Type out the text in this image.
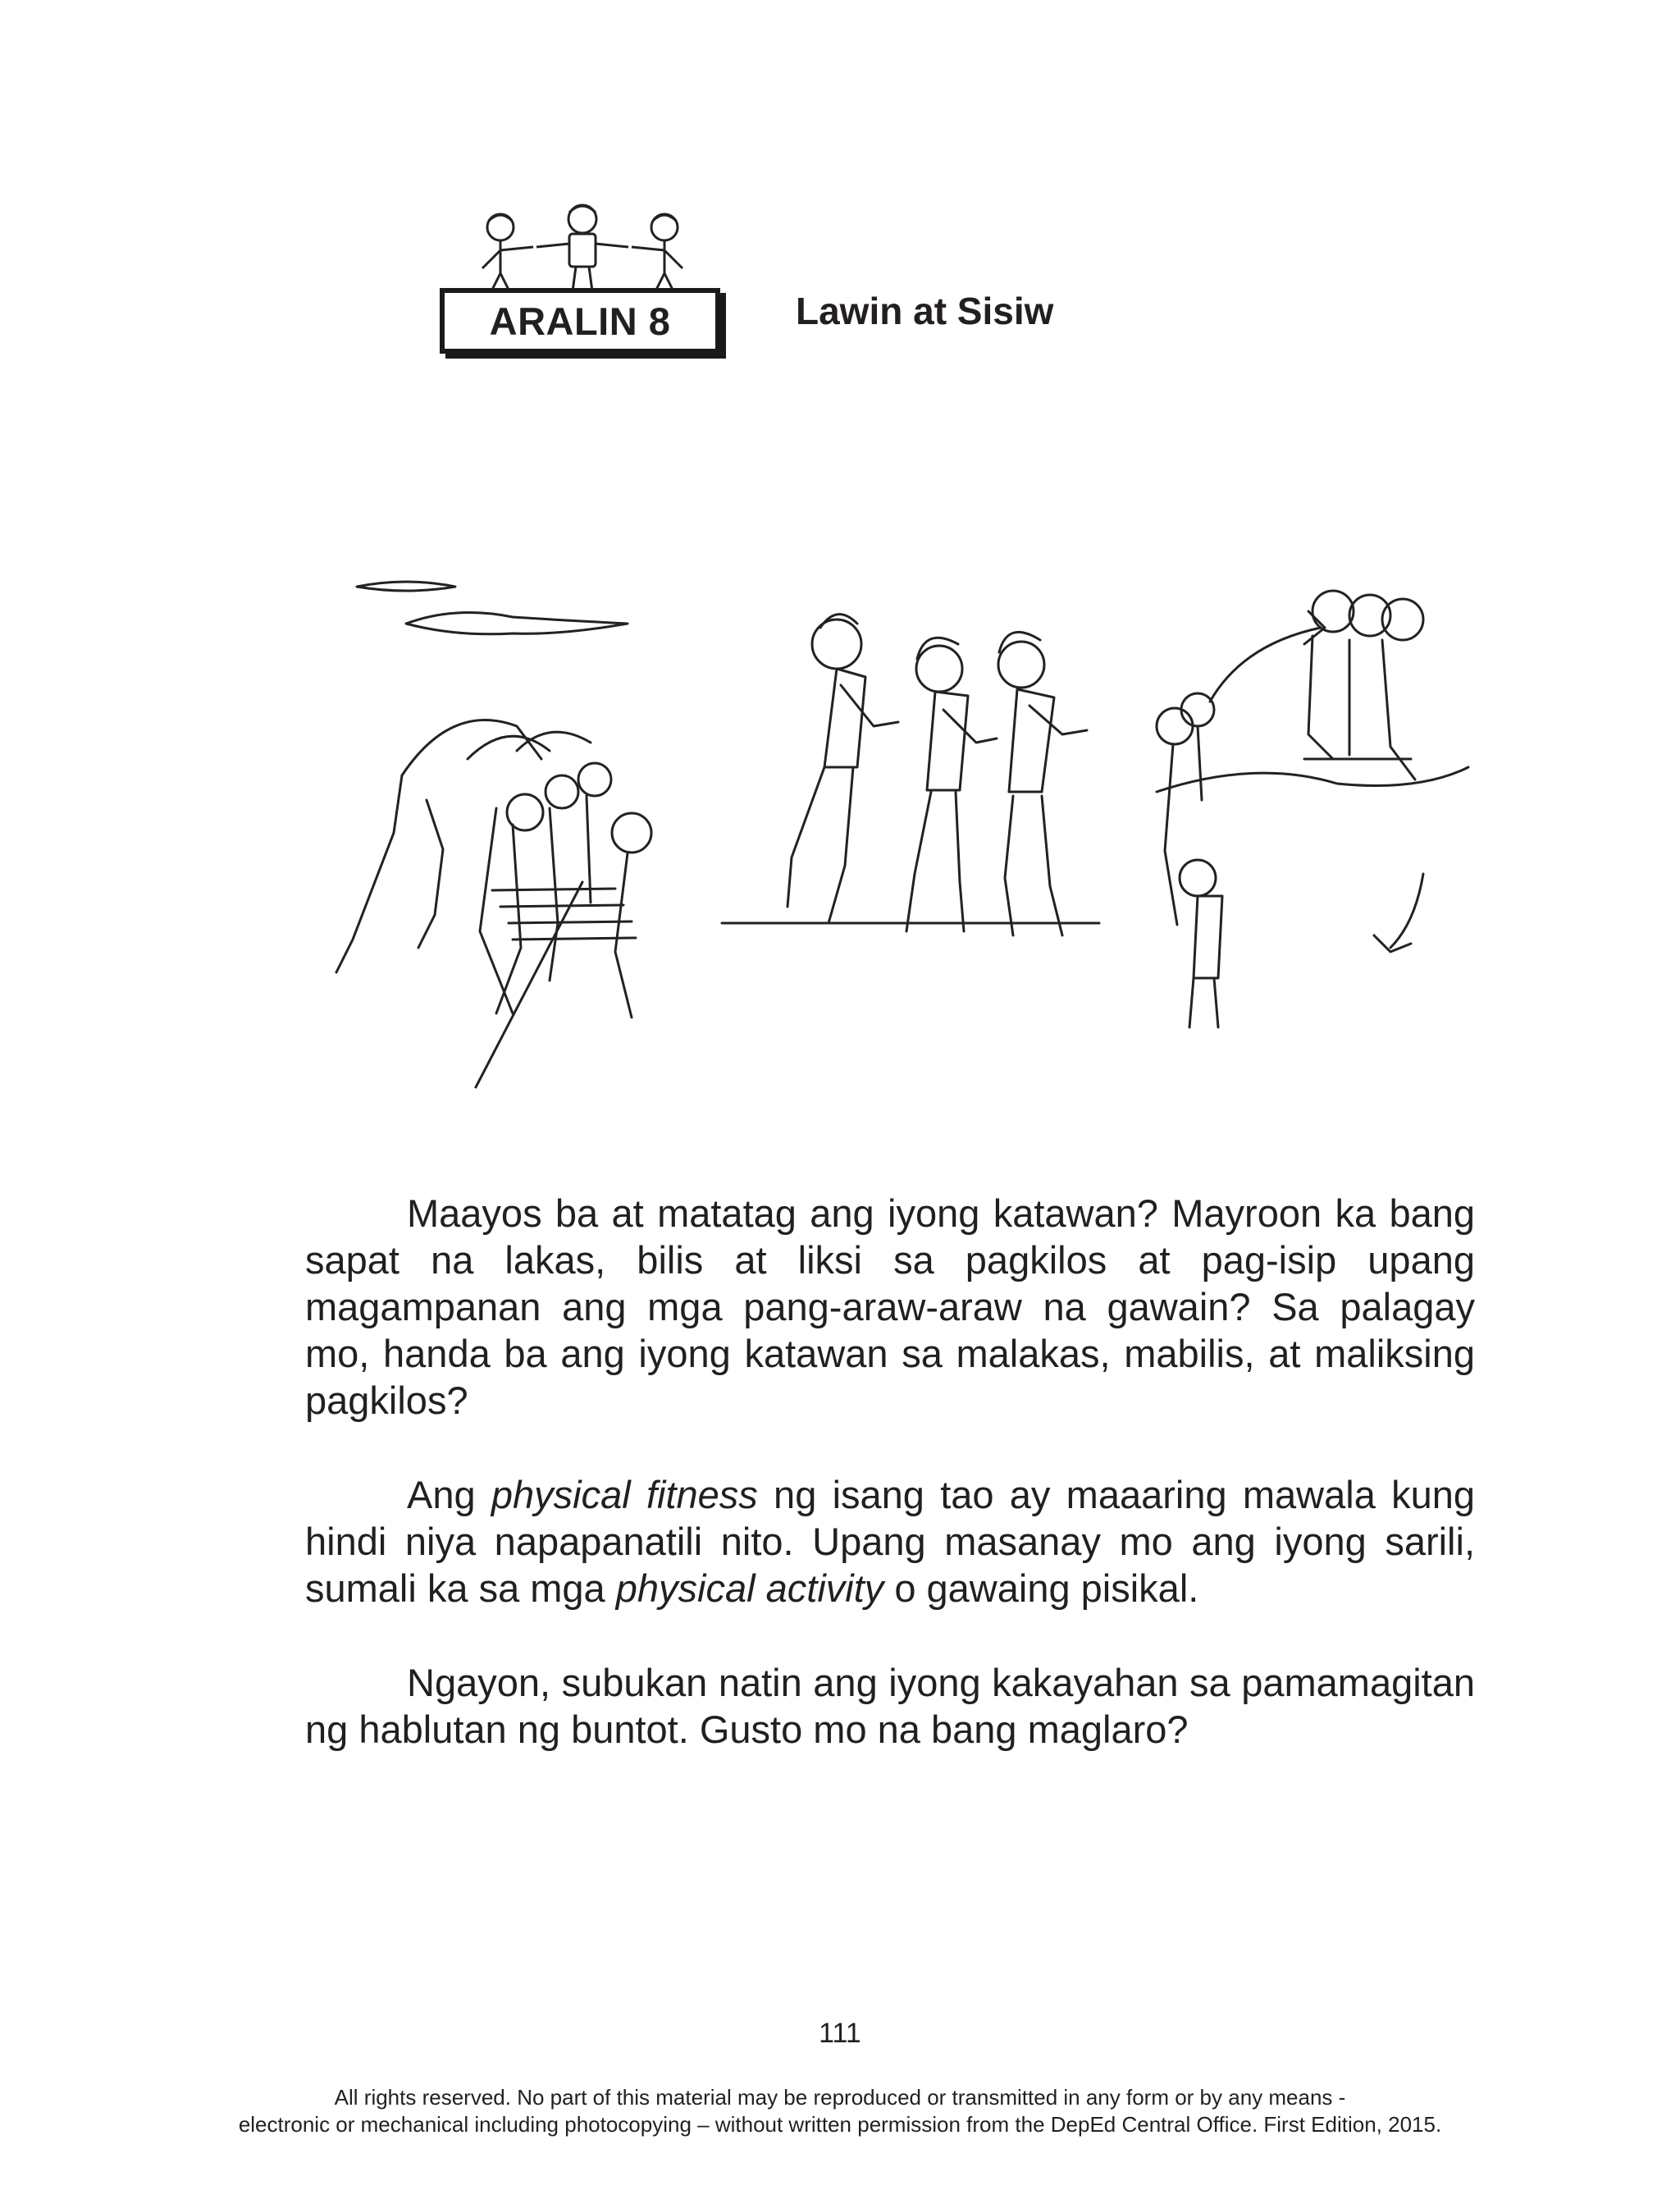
ARALIN 8	Lawin at Sisiw

Maayos ba at matatag ang iyong katawan? Mayroon ka bang sapat na lakas, bilis at liksi sa pagkilos at pag-isip upang magampanan ang mga pang-araw-araw na gawain? Sa palagay mo, handa ba ang iyong katawan sa malakas, mabilis, at maliksing pagkilos?

Ang physical fitness ng isang tao ay maaaring mawala kung hindi niya napapanatili nito. Upang masanay mo ang iyong sarili, sumali ka sa mga physical activity o gawaing pisikal.

Ngayon, subukan natin ang iyong kakayahan sa pamamagitan ng hablutan ng buntot. Gusto mo na bang maglaro?

111
All rights reserved. No part of this material may be reproduced or transmitted in any form or by any means -
electronic or mechanical including photocopying – without written permission from the DepEd Central Office. First Edition, 2015.
